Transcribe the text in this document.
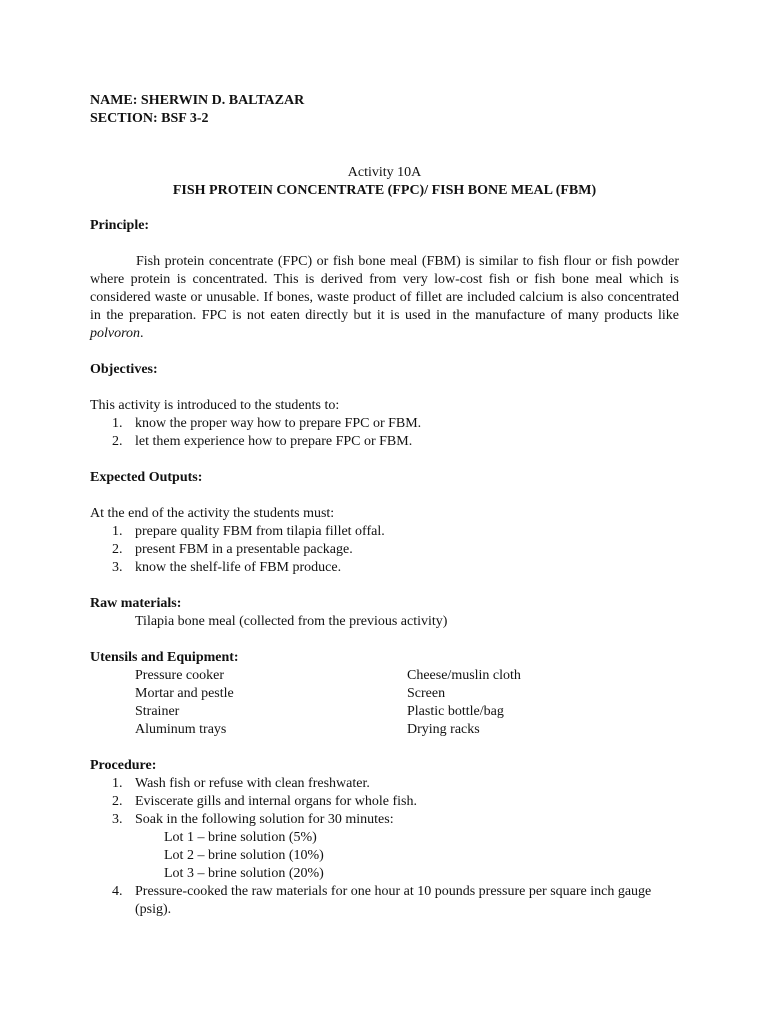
NAME: SHERWIN D. BALTAZAR
SECTION: BSF 3-2
Activity 10A
FISH PROTEIN CONCENTRATE (FPC)/ FISH BONE MEAL (FBM)
Principle:

Fish protein concentrate (FPC) or fish bone meal (FBM) is similar to fish flour or fish powder where protein is concentrated. This is derived from very low-cost fish or fish bone meal which is considered waste or unusable. If bones, waste product of fillet are included calcium is also concentrated in the preparation. FPC is not eaten directly but it is used in the manufacture of many products like polvoron.

Objectives:
This activity is introduced to the students to:
1. know the proper way how to prepare FPC or FBM.
2. let them experience how to prepare FPC or FBM.
Expected Outputs:
At the end of the activity the students must:
1. prepare quality FBM from tilapia fillet offal.
2. present FBM in a presentable package.
3. know the shelf-life of FBM produce.
Raw materials:
Tilapia bone meal (collected from the previous activity)
Utensils and Equipment:
Pressure cooker	Cheese/muslin cloth
Mortar and pestle	Screen
Strainer	Plastic bottle/bag
Aluminum trays	Drying racks
Procedure:
1. Wash fish or refuse with clean freshwater.
2. Eviscerate gills and internal organs for whole fish.
3. Soak in the following solution for 30 minutes:
Lot 1 – brine solution (5%)
Lot 2 – brine solution (10%)
Lot 3 – brine solution (20%)
4. Pressure-cooked the raw materials for one hour at 10 pounds pressure per square inch gauge (psig).
